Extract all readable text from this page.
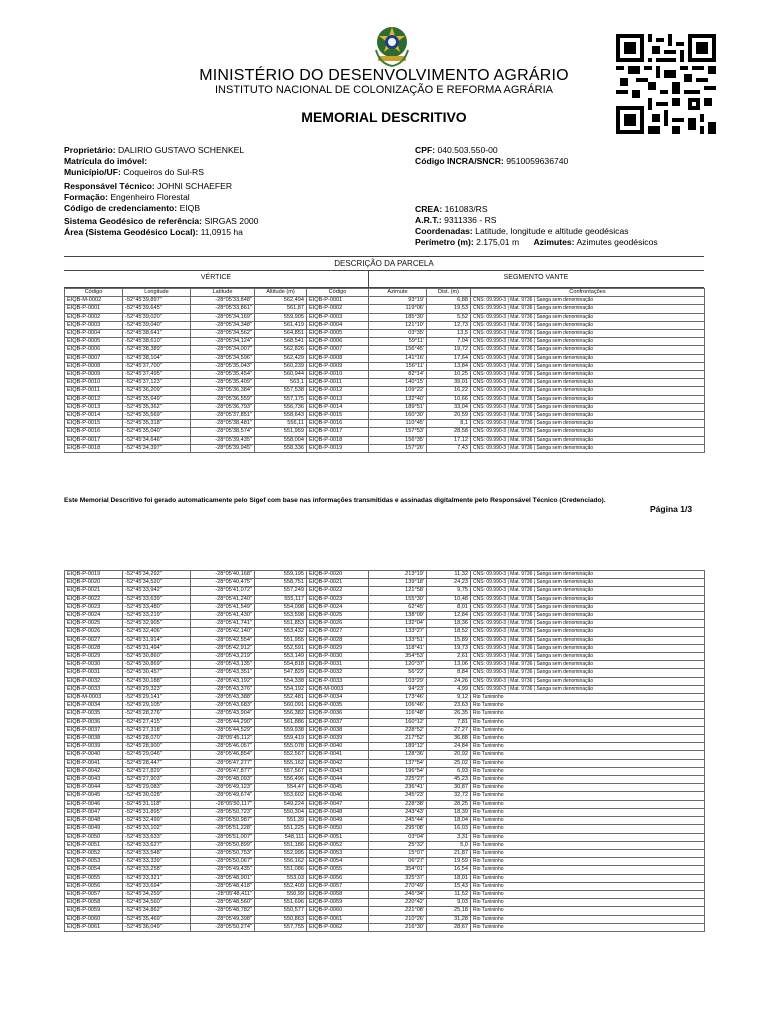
MINISTÉRIO DO DESENVOLVIMENTO AGRÁRIO
INSTITUTO NACIONAL DE COLONIZAÇÃO E REFORMA AGRÁRIA
MEMORIAL DESCRITIVO
Proprietário: DALIRIO GUSTAVO SCHENKEL
Matrícula do imóvel:
Município/UF: Coqueiros do Sul-RS
CPF: 040.503.550-00
Código INCRA/SNCR: 9510059636740
Responsável Técnico: JOHNI SCHAEFER
Formação: Engenheiro Florestal
Código de credenciamento: EIQB
Sistema Geodésico de referência: SIRGAS 2000
Área (Sistema Geodésico Local): 11,0915 ha
CREA: 161083/RS
A.R.T.: 9311336 - RS
Coordenadas: Latitude, longitude e altitude geodésicas
Perímetro (m): 2.175,01 m Azimutes: Azimutes geodésicos
DESCRIÇÃO DA PARCELA
VÉRTICE	SEGMENTO VANTE
Código	Longitude	Latitude	Altitude (m)	Código	Azimute	Dist. (m)	Confrontações
EIQB-M-0002	-52°45'39,897"	-28°05'33,848"	562,494	EIQB-P-0001	93°19'	6,88	CNS: 09.990-3 | Mat. 9736 | Sanga sem denominação
EIQB-P-0001	-52°45'39,645"	-28°05'33,861"	561,87	EIQB-P-0002	119°06'	19,53	CNS: 09.990-3 | Mat. 9736 | Sanga sem denominação
EIQB-P-0002	-52°45'39,020"	-28°05'34,169"	559,905	EIQB-P-0003	185°30'	5,52	CNS: 09.990-3 | Mat. 9736 | Sanga sem denominação
EIQB-P-0003	-52°45'39,040"	-28°05'34,348"	561,419	EIQB-P-0004	121°10'	12,73	CNS: 09.990-3 | Mat. 9736 | Sanga sem denominação
EIQB-P-0004	-52°45'38,641"	-28°05'34,562"	564,851	EIQB-P-0005	03°35'	13,5	CNS: 09.990-3 | Mat. 9736 | Sanga sem denominação
EIQB-P-0005	-52°45'38,610"	-28°05'34,124"	568,541	EIQB-P-0006	59°11'	7,04	CNS: 09.990-3 | Mat. 9736 | Sanga sem denominação
EIQB-P-0006	-52°45'38,389"	-28°05'34,007"	562,826	EIQB-P-0007	156°45'	19,72	CNS: 09.990-3 | Mat. 9736 | Sanga sem denominação
EIQB-P-0007	-52°45'38,104"	-28°05'34,596"	562,429	EIQB-P-0008	141°16'	17,64	CNS: 09.990-3 | Mat. 9736 | Sanga sem denominação
EIQB-P-0008	-52°45'37,700"	-28°05'35,043"	560,239	EIQB-P-0009	156°11'	13,84	CNS: 09.990-3 | Mat. 9736 | Sanga sem denominação
EIQB-P-0009	-52°45'37,495"	-28°05'35,454"	560,944	EIQB-P-0010	82°14'	10,25	CNS: 09.990-3 | Mat. 9736 | Sanga sem denominação
EIQB-P-0010	-52°45'37,123"	-28°05'35,409"	563,1	EIQB-P-0011	140°15'	39,01	CNS: 09.990-3 | Mat. 9736 | Sanga sem denominação
EIQB-P-0011	-52°45'36,209"	-28°05'36,384"	557,538	EIQB-P-0012	109°22'	16,22	CNS: 09.990-3 | Mat. 9736 | Sanga sem denominação
EIQB-P-0012	-52°45'35,649"	-28°05'36,559"	557,175	EIQB-P-0013	132°40'	10,66	CNS: 09.990-3 | Mat. 9736 | Sanga sem denominação
EIQB-P-0013	-52°45'35,362"	-28°05'36,793"	556,736	EIQB-P-0014	189°51'	33,04	CNS: 09.990-3 | Mat. 9736 | Sanga sem denominação
EIQB-P-0014	-52°45'35,569"	-28°05'37,851"	558,643	EIQB-P-0015	160°30'	20,59	CNS: 09.990-3 | Mat. 9736 | Sanga sem denominação
EIQB-P-0015	-52°45'35,318"	-28°05'38,481"	556,11	EIQB-P-0016	110°45'	8,1	CNS: 09.990-3 | Mat. 9736 | Sanga sem denominação
EIQB-P-0016	-52°45'35,040"	-28°05'38,574"	551,959	EIQB-P-0017	157°53'	28,58	CNS: 09.990-3 | Mat. 9736 | Sanga sem denominação
EIQB-P-0017	-52°45'34,646"	-28°05'39,435"	558,004	EIQB-P-0018	156°35'	17,12	CNS: 09.990-3 | Mat. 9736 | Sanga sem denominação
EIQB-P-0018	-52°45'34,397"	-28°05'39,945"	558,336	EIQB-P-0019	157°26'	7,43	CNS: 09.990-3 | Mat. 9736 | Sanga sem denominação
Este Memorial Descritivo foi gerado automaticamente pelo Sigef com base nas informações transmitidas e assinadas digitalmente pelo Responsável Técnico (Credenciado).
Página 1/3
EIQB-P-0019	-52°45'34,292"	-28°05'40,168"	559,195	EIQB-P-0020	213°19'	11,32	CNS: 09.990-3 | Mat. 9736 | Sanga sem denominação
EIQB-P-0020	-52°45'34,520"	-28°05'40,475"	558,751	EIQB-P-0021	139°18'	24,23	CNS: 09.990-3 | Mat. 9736 | Sanga sem denominação
EIQB-P-0021	-52°45'33,942"	-28°05'41,072"	557,249	EIQB-P-0022	121°58'	9,75	CNS: 09.990-3 | Mat. 9736 | Sanga sem denominação
EIQB-P-0022	-52°45'33,639"	-28°05'41,240"	555,117	EIQB-P-0023	155°30'	10,48	CNS: 09.990-3 | Mat. 9736 | Sanga sem denominação
EIQB-P-0023	-52°45'33,480"	-28°05'41,549"	554,098	EIQB-P-0024	62°45'	8,01	CNS: 09.990-3 | Mat. 9736 | Sanga sem denominação
EIQB-P-0024	-52°45'33,219"	-28°05'41,430"	553,598	EIQB-P-0025	138°09'	12,84	CNS: 09.990-3 | Mat. 9736 | Sanga sem denominação
EIQB-P-0025	-52°45'32,905"	-28°05'41,741"	551,853	EIQB-P-0026	132°04'	18,36	CNS: 09.990-3 | Mat. 9736 | Sanga sem denominação
EIQB-P-0026	-52°45'32,406"	-28°05'42,140"	553,432	EIQB-P-0027	133°27'	18,52	CNS: 09.990-3 | Mat. 9736 | Sanga sem denominação
EIQB-P-0027	-52°45'31,914"	-28°05'42,554"	551,955	EIQB-P-0028	133°51'	15,89	CNS: 09.990-3 | Mat. 9736 | Sanga sem denominação
EIQB-P-0028	-52°45'31,494"	-28°05'42,912"	552,591	EIQB-P-0029	118°41'	19,73	CNS: 09.990-3 | Mat. 9736 | Sanga sem denominação
EIQB-P-0029	-52°45'30,860"	-28°05'43,219"	553,149	EIQB-P-0030	354°53'	2,61	CNS: 09.990-3 | Mat. 9736 | Sanga sem denominação
EIQB-P-0030	-52°45'30,869"	-28°05'43,135"	554,818	EIQB-P-0031	120°37'	13,06	CNS: 09.990-3 | Mat. 9736 | Sanga sem denominação
EIQB-P-0031	-52°45'30,457"	-28°05'43,351"	547,829	EIQB-P-0032	56°22'	8,84	CNS: 09.990-3 | Mat. 9736 | Sanga sem denominação
EIQB-P-0032	-52°45'30,188"	-28°05'43,192"	554,338	EIQB-P-0033	103°29'	24,26	CNS: 09.990-3 | Mat. 9736 | Sanga sem denominação
EIQB-P-0033	-52°45'29,323"	-28°05'43,376"	554,192	EIQB-M-0003	94°23'	4,99	CNS: 09.990-3 | Mat. 9736 | Sanga sem denominação
EIQB-M-0003	-52°45'29,141"	-28°05'43,388"	552,481	EIQB-P-0034	173°46'	9,12	Rio Tunininho
EIQB-P-0034	-52°45'29,105"	-28°05'43,683"	560,091	EIQB-P-0035	106°46'	23,63	Rio Tunininho
EIQB-P-0035	-52°45'28,276"	-28°05'43,904"	556,382	EIQB-P-0036	116°48'	26,35	Rio Tunininho
EIQB-P-0036	-52°45'27,415"	-28°05'44,290"	561,886	EIQB-P-0037	160°12'	7,81	Rio Tunininho
EIQB-P-0037	-52°45'27,318"	-28°05'44,529"	559,938	EIQB-P-0038	228°52'	27,27	Rio Tunininho
EIQB-P-0038	-52°45'28,070"	-28°05'45,112"	559,419	EIQB-P-0039	217°52'	36,88	Rio Tunininho
EIQB-P-0039	-52°45'28,900"	-28°05'46,057"	555,078	EIQB-P-0040	189°12'	24,84	Rio Tunininho
EIQB-P-0040	-52°45'29,046"	-28°05'46,854"	552,567	EIQB-P-0041	128°36'	20,92	Rio Tunininho
EIQB-P-0041	-52°45'28,447"	-28°05'47,277"	555,162	EIQB-P-0042	137°54'	25,02	Rio Tunininho
EIQB-P-0042	-52°45'27,829"	-28°05'47,877"	557,567	EIQB-P-0043	196°54'	6,93	Rio Tunininho
EIQB-P-0043	-52°45'27,903"	-28°05'48,093"	556,496	EIQB-P-0044	225°27'	45,23	Rio Tunininho
EIQB-P-0044	-52°45'29,083"	-28°05'49,123"	554,47	EIQB-P-0045	236°41'	30,87	Rio Tunininho
EIQB-P-0045	-52°45'30,028"	-28°05'49,674"	553,602	EIQB-P-0046	245°23'	32,72	Rio Tunininho
EIQB-P-0046	-52°45'31,118"	-28°05'50,117"	549,224	EIQB-P-0047	228°38'	28,25	Rio Tunininho
EIQB-P-0047	-52°45'31,895"	-28°05'50,723"	550,304	EIQB-P-0048	243°43'	18,39	Rio Tunininho
EIQB-P-0048	-52°45'32,499"	-28°05'50,987"	551,39	EIQB-P-0049	245°44'	18,04	Rio Tunininho
EIQB-P-0049	-52°45'33,102"	-28°05'51,228"	551,225	EIQB-P-0050	295°08'	16,03	Rio Tunininho
EIQB-P-0050	-52°45'33,633"	-28°05'51,007"	548,111	EIQB-P-0051	03°04'	3,31	Rio Tunininho
EIQB-P-0051	-52°45'33,627"	-28°05'50,899"	551,186	EIQB-P-0052	25°32'	5,0	Rio Tunininho
EIQB-P-0052	-52°45'33,548"	-28°05'50,753"	552,995	EIQB-P-0053	15°07'	21,87	Rio Tunininho
EIQB-P-0053	-52°45'33,339"	-28°05'50,067"	556,162	EIQB-P-0054	06°27'	19,59	Rio Tunininho
EIQB-P-0054	-52°45'33,258"	-28°05'49,435"	551,086	EIQB-P-0055	354°01'	16,54	Rio Tunininho
EIQB-P-0055	-52°45'33,321"	-28°05'48,901"	553,03	EIQB-P-0056	325°37'	18,01	Rio Tunininho
EIQB-P-0056	-52°45'33,694"	-28°05'48,418"	552,409	EIQB-P-0057	270°49'	15,43	Rio Tunininho
EIQB-P-0057	-52°45'34,259"	-28°05'48,411"	550,99	EIQB-P-0058	246°34'	11,52	Rio Tunininho
EIQB-P-0058	-52°45'34,560"	-28°05'48,560"	551,696	EIQB-P-0059	220°42'	9,03	Rio Tunininho
EIQB-P-0059	-52°45'34,862"	-28°05'48,782"	550,577	EIQB-P-0060	221°08'	25,18	Rio Tunininho
EIQB-P-0060	-52°45'35,469"	-28°05'49,398"	550,863	EIQB-P-0061	210°26'	31,28	Rio Tunininho
EIQB-P-0061	-52°45'36,049"	-28°05'50,274"	557,755	EIQB-P-0062	216°30'	28,67	Rio Tunininho
